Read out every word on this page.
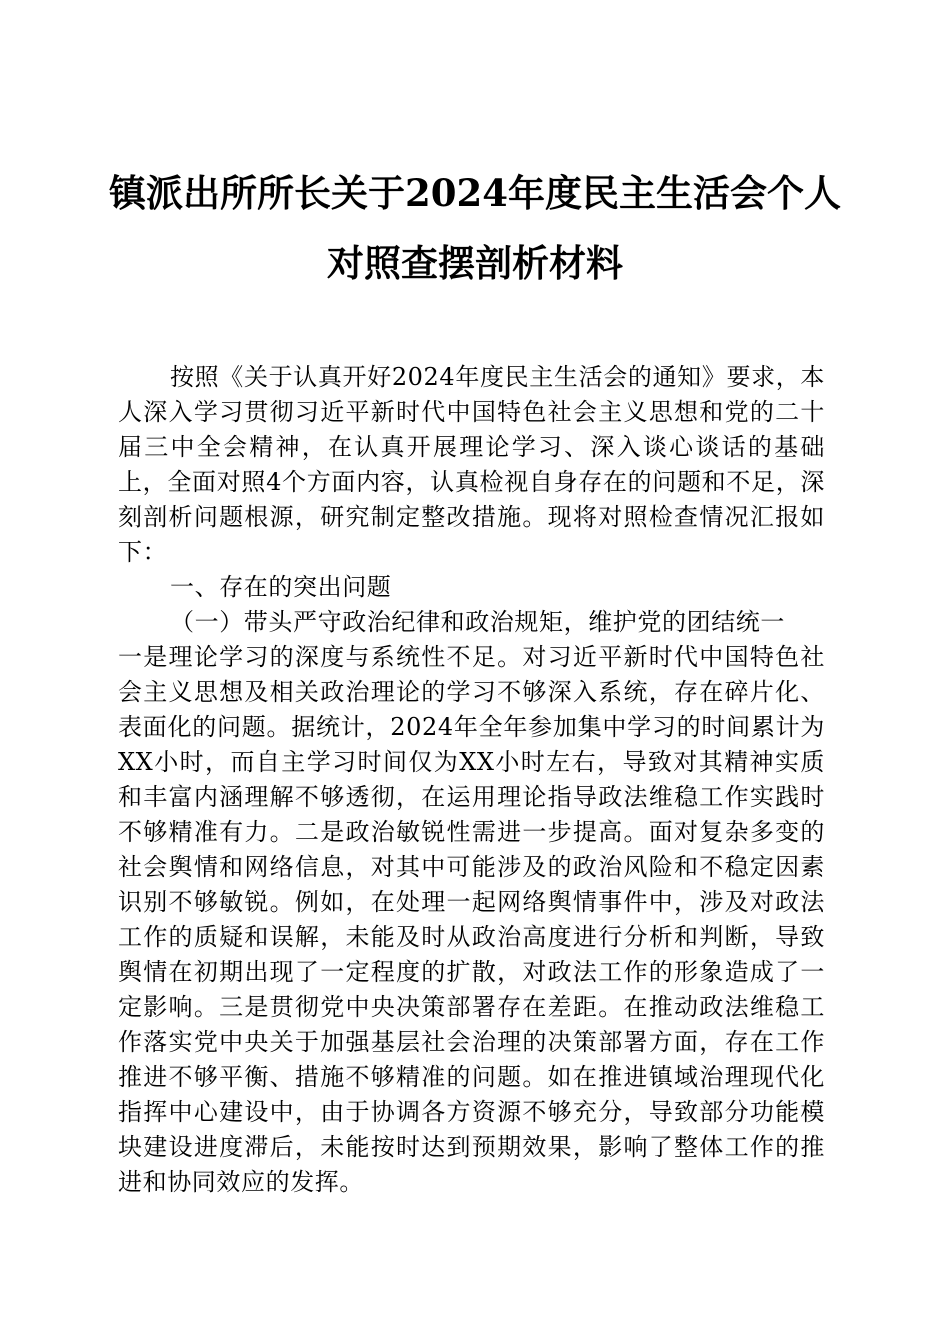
镇派出所所长关于2024年度民主生活会个人
对照查摆剖析材料

按照《关于认真开好2024年度民主生活会的通知》要求，本人深入学习贯彻习近平新时代中国特色社会主义思想和党的二十届三中全会精神，在认真开展理论学习、深入谈心谈话的基础上，全面对照4个方面内容，认真检视自身存在的问题和不足，深刻剖析问题根源，研究制定整改措施。现将对照检查情况汇报如下：

一、存在的突出问题

（一）带头严守政治纪律和政治规矩，维护党的团结统一

一是理论学习的深度与系统性不足。对习近平新时代中国特色社会主义思想及相关政治理论的学习不够深入系统，存在碎片化、表面化的问题。据统计，2024年全年参加集中学习的时间累计为XX小时，而自主学习时间仅为XX小时左右，导致对其精神实质和丰富内涵理解不够透彻，在运用理论指导政法维稳工作实践时不够精准有力。二是政治敏锐性需进一步提高。面对复杂多变的社会舆情和网络信息，对其中可能涉及的政治风险和不稳定因素识别不够敏锐。例如，在处理一起网络舆情事件中，涉及对政法工作的质疑和误解，未能及时从政治高度进行分析和判断，导致舆情在初期出现了一定程度的扩散，对政法工作的形象造成了一定影响。三是贯彻党中央决策部署存在差距。在推动政法维稳工作落实党中央关于加强基层社会治理的决策部署方面，存在工作推进不够平衡、措施不够精准的问题。如在推进镇域治理现代化指挥中心建设中，由于协调各方资源不够充分，导致部分功能模块建设进度滞后，未能按时达到预期效果，影响了整体工作的推进和协同效应的发挥。
